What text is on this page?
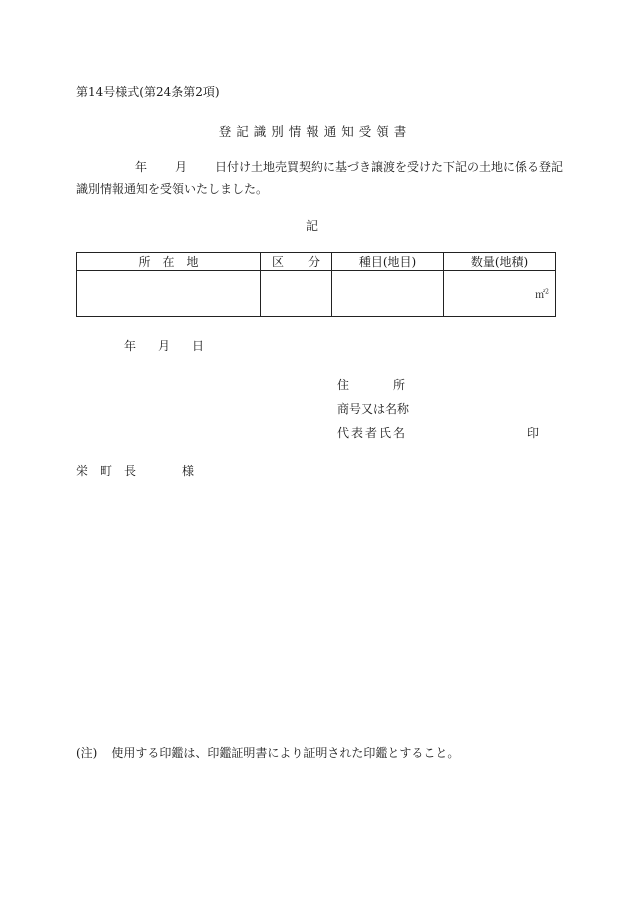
第14号様式(第24条第2項)
登記識別情報通知受領書
年 月 日付け土地売買契約に基づき譲渡を受けた下記の土地に係る登記
識別情報通知を受領いたしました。
記
所　在　地	区　　分	種目(地目)	数量(地積)

			㎡$^2$
年 月 日
住	所
商号又は名称
代表者氏名	印
栄 町 長	様
(注) 使用する印鑑は、印鑑証明書により証明された印鑑とすること。
